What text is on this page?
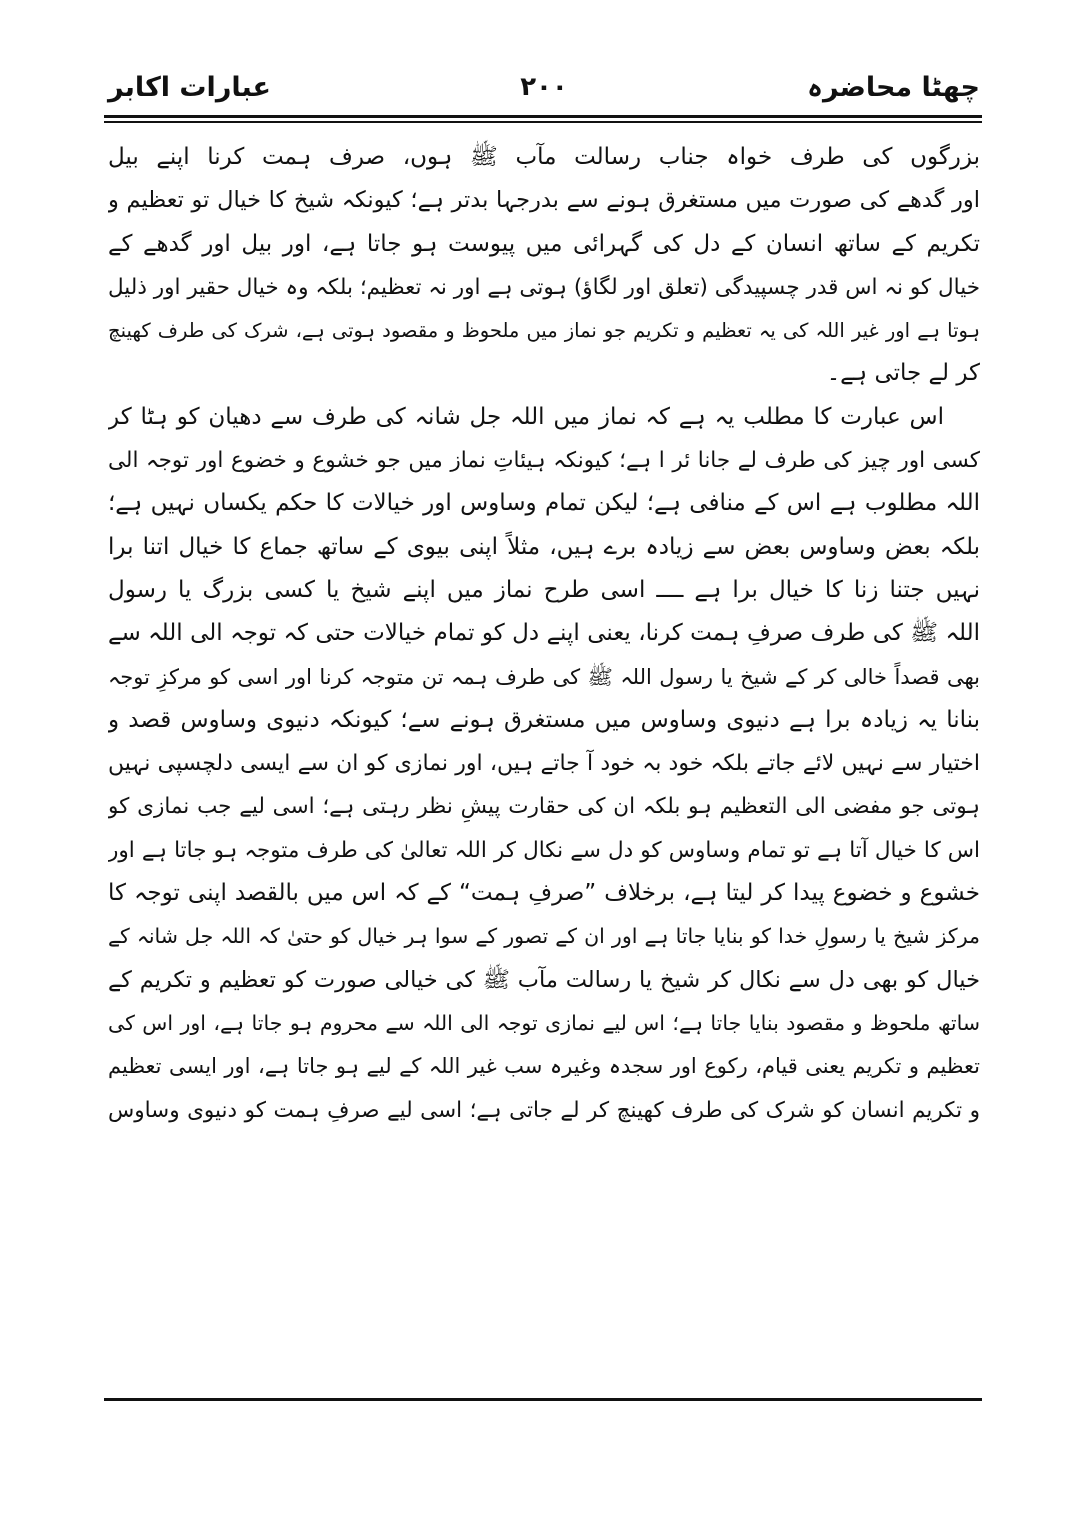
چھٹا محاضرہ
۲۰۰
عبارات اکابر
بزرگوں کی طرف خواہ جناب رسالت مآب ﷺ ہوں، صرف ہمت کرنا اپنے بیل
اور گدھے کی صورت میں مستغرق ہونے سے بدرجہا بدتر ہے؛ کیونکہ شیخ کا خیال تو تعظیم و
تکریم کے ساتھ انسان کے دل کی گہرائی میں پیوست ہو جاتا ہے، اور بیل اور گدھے کے
خیال کو نہ اس قدر چسپیدگی (تعلق اور لگاؤ) ہوتی ہے اور نہ تعظیم؛ بلکہ وہ خیال حقیر اور ذلیل
ہوتا ہے اور غیر اللہ کی یہ تعظیم و تکریم جو نماز میں ملحوظ و مقصود ہوتی ہے، شرک کی طرف کھینچ
کر لے جاتی ہے۔
اس عبارت کا مطلب یہ ہے کہ نماز میں اللہ جل شانہ کی طرف سے دھیان کو ہٹا کر
کسی اور چیز کی طرف لے جانا ئر ا ہے؛ کیونکہ ہیئاتِ نماز میں جو خشوع و خضوع اور توجہ الی
اللہ مطلوب ہے اس کے منافی ہے؛ لیکن تمام وساوس اور خیالات کا حکم یکساں نہیں ہے؛
بلکہ بعض وساوس بعض سے زیادہ برے ہیں، مثلاً اپنی بیوی کے ساتھ جماع کا خیال اتنا برا
نہیں جتنا زنا کا خیال برا ہے ــــ اسی طرح نماز میں اپنے شیخ یا کسی بزرگ یا رسول
اللہ ﷺ کی طرف صرفِ ہمت کرنا، یعنی اپنے دل کو تمام خیالات حتی کہ توجہ الی اللہ سے
بھی قصداً خالی کر کے شیخ یا رسول اللہ ﷺ کی طرف ہمہ تن متوجہ کرنا اور اسی کو مرکزِ توجہ
بنانا یہ زیادہ برا ہے دنیوی وساوس میں مستغرق ہونے سے؛ کیونکہ دنیوی وساوس قصد و
اختیار سے نہیں لائے جاتے بلکہ خود بہ خود آ جاتے ہیں، اور نمازی کو ان سے ایسی دلچسپی نہیں
ہوتی جو مفضی الی التعظیم ہو بلکہ ان کی حقارت پیشِ نظر رہتی ہے؛ اسی لیے جب نمازی کو
اس کا خیال آتا ہے تو تمام وساوس کو دل سے نکال کر اللہ تعالیٰ کی طرف متوجہ ہو جاتا ہے اور
خشوع و خضوع پیدا کر لیتا ہے، برخلاف ”صرفِ ہمت“ کے کہ اس میں بالقصد اپنی توجہ کا
مرکز شیخ یا رسولِ خدا کو بنایا جاتا ہے اور ان کے تصور کے سوا ہر خیال کو حتیٰ کہ اللہ جل شانہ کے
خیال کو بھی دل سے نکال کر شیخ یا رسالت مآب ﷺ کی خیالی صورت کو تعظیم و تکریم کے
ساتھ ملحوظ و مقصود بنایا جاتا ہے؛ اس لیے نمازی توجہ الی اللہ سے محروم ہو جاتا ہے، اور اس کی
تعظیم و تکریم یعنی قیام، رکوع اور سجدہ وغیرہ سب غیر اللہ کے لیے ہو جاتا ہے، اور ایسی تعظیم
و تکریم انسان کو شرک کی طرف کھینچ کر لے جاتی ہے؛ اسی لیے صرفِ ہمت کو دنیوی وساوس
